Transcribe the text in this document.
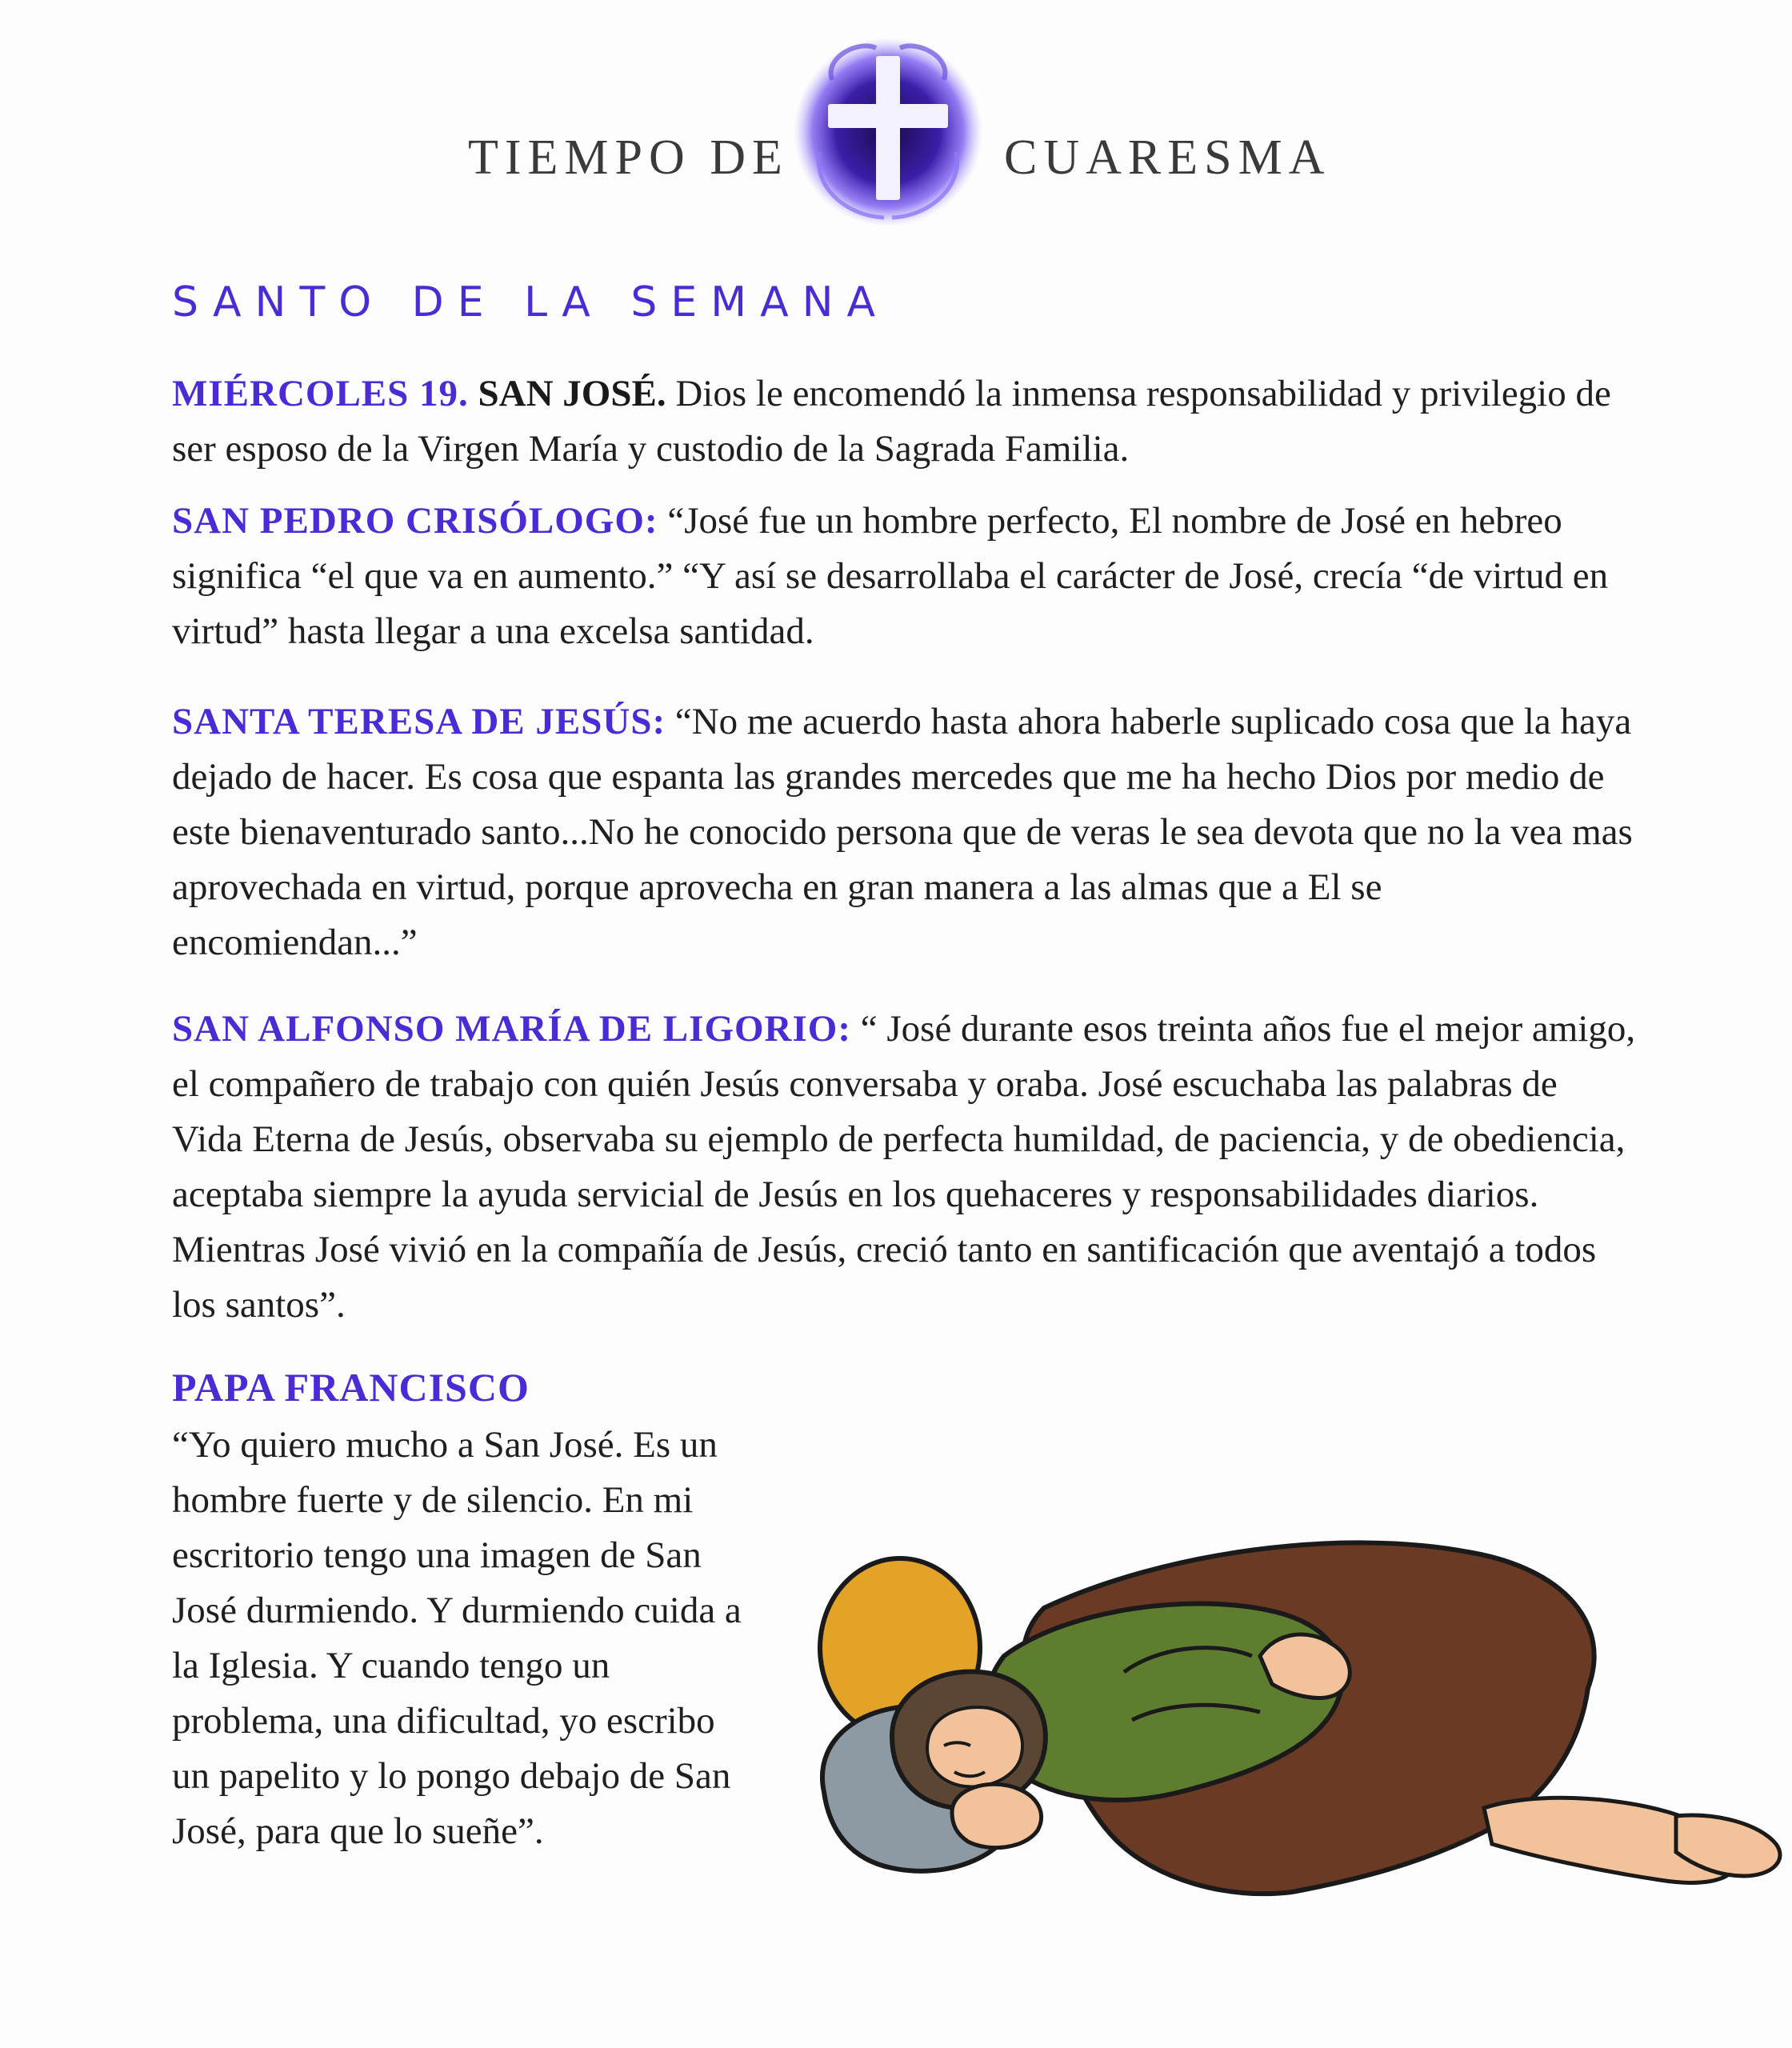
TIEMPO DE	CUARESMA
SANTO DE LA SEMANA

MIÉRCOLES 19. SAN JOSÉ. Dios le encomendó la inmensa responsabilidad y privilegio de ser esposo de la Virgen María y custodio de la Sagrada Familia.

SAN PEDRO CRISÓLOGO: “José fue un hombre perfecto, El nombre de José en hebreo significa “el que va en aumento.” “Y así se desarrollaba el carácter de José, crecía “de virtud en virtud” hasta llegar a una excelsa santidad.

SANTA TERESA DE JESÚS: “No me acuerdo hasta ahora haberle suplicado cosa que la haya dejado de hacer. Es cosa que espanta las grandes mercedes que me ha hecho Dios por medio de este bienaventurado santo...No he conocido persona que de veras le sea devota que no la vea mas aprovechada en virtud, porque aprovecha en gran manera a las almas que a El se encomiendan...”

SAN ALFONSO MARÍA DE LIGORIO: “ José durante esos treinta años fue el mejor amigo, el compañero de trabajo con quién Jesús conversaba y oraba. José escuchaba las palabras de Vida Eterna de Jesús, observaba su ejemplo de perfecta humildad, de paciencia, y de obediencia, aceptaba siempre la ayuda servicial de Jesús en los quehaceres y responsabilidades diarios. Mientras José vivió en la compañía de Jesús, creció tanto en santificación que aventajó a todos los santos”.

PAPA FRANCISCO

“Yo quiero mucho a San José. Es un hombre fuerte y de silencio. En mi escritorio tengo una imagen de San José durmiendo. Y durmiendo cuida a la Iglesia. Y cuando tengo un problema, una dificultad, yo escribo un papelito y lo pongo debajo de San José, para que lo sueñe”.
